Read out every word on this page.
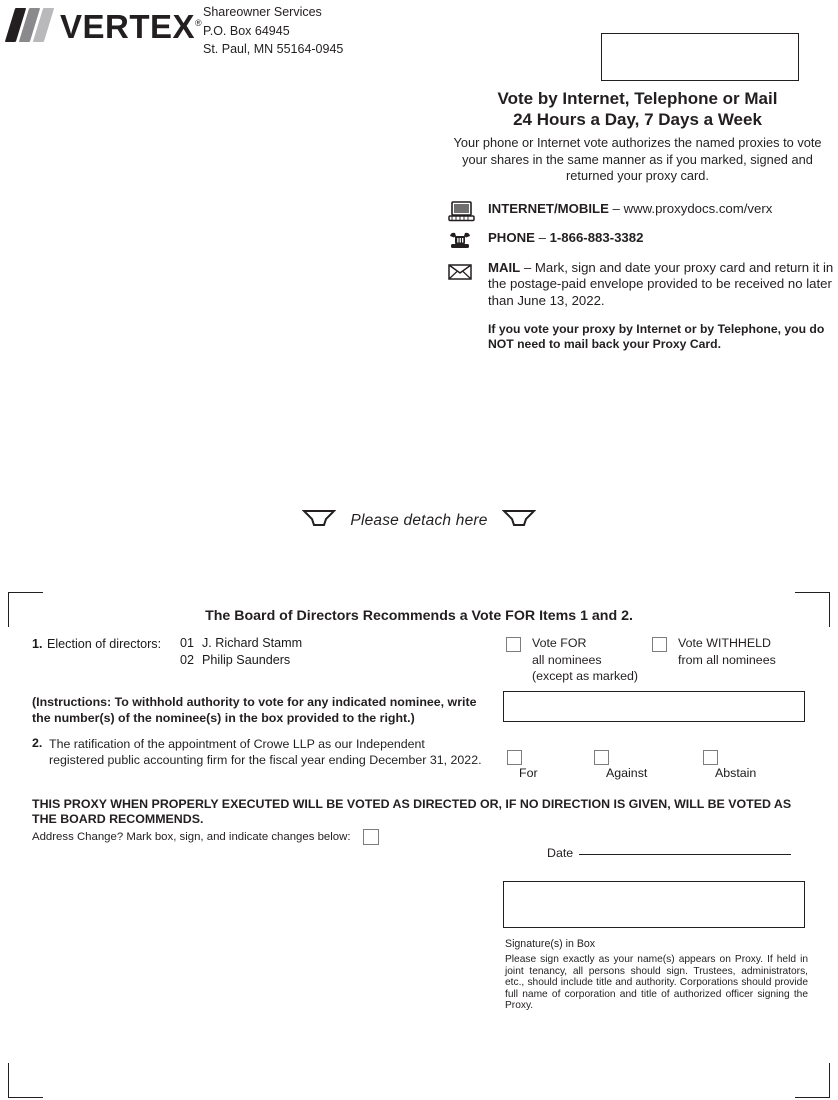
VERTEX®
Shareowner Services
P.O. Box 64945
St. Paul, MN 55164-0945
Vote by Internet, Telephone or Mail
24 Hours a Day, 7 Days a Week

Your phone or Internet vote authorizes the named proxies to vote your shares in the same manner as if you marked, signed and returned your proxy card.

INTERNET/MOBILE – www.proxydocs.com/verx
PHONE – 1-866-883-3382
MAIL – Mark, sign and date your proxy card and return it in the postage-paid envelope provided to be received no later than June 13, 2022.
If you vote your proxy by Internet or by Telephone, you do NOT need to mail back your Proxy Card.
Please detach here
The Board of Directors Recommends a Vote FOR Items 1 and 2.
1. Election of directors: 01 J. Richard Stamm
02 Philip Saunders
Vote FOR
all nominees
(except as marked)
Vote WITHHELD
from all nominees
(Instructions: To withhold authority to vote for any indicated nominee, write the number(s) of the nominee(s) in the box provided to the right.)
2. The ratification of the appointment of Crowe LLP as our Independent registered public accounting firm for the fiscal year ending December 31, 2022.
For	Against	Abstain
THIS PROXY WHEN PROPERLY EXECUTED WILL BE VOTED AS DIRECTED OR, IF NO DIRECTION IS GIVEN, WILL BE VOTED AS THE BOARD RECOMMENDS.
Address Change? Mark box, sign, and indicate changes below:
Date
Signature(s) in Box
Please sign exactly as your name(s) appears on Proxy. If held in joint tenancy, all persons should sign. Trustees, administrators, etc., should include title and authority. Corporations should provide full name of corporation and title of authorized officer signing the Proxy.
